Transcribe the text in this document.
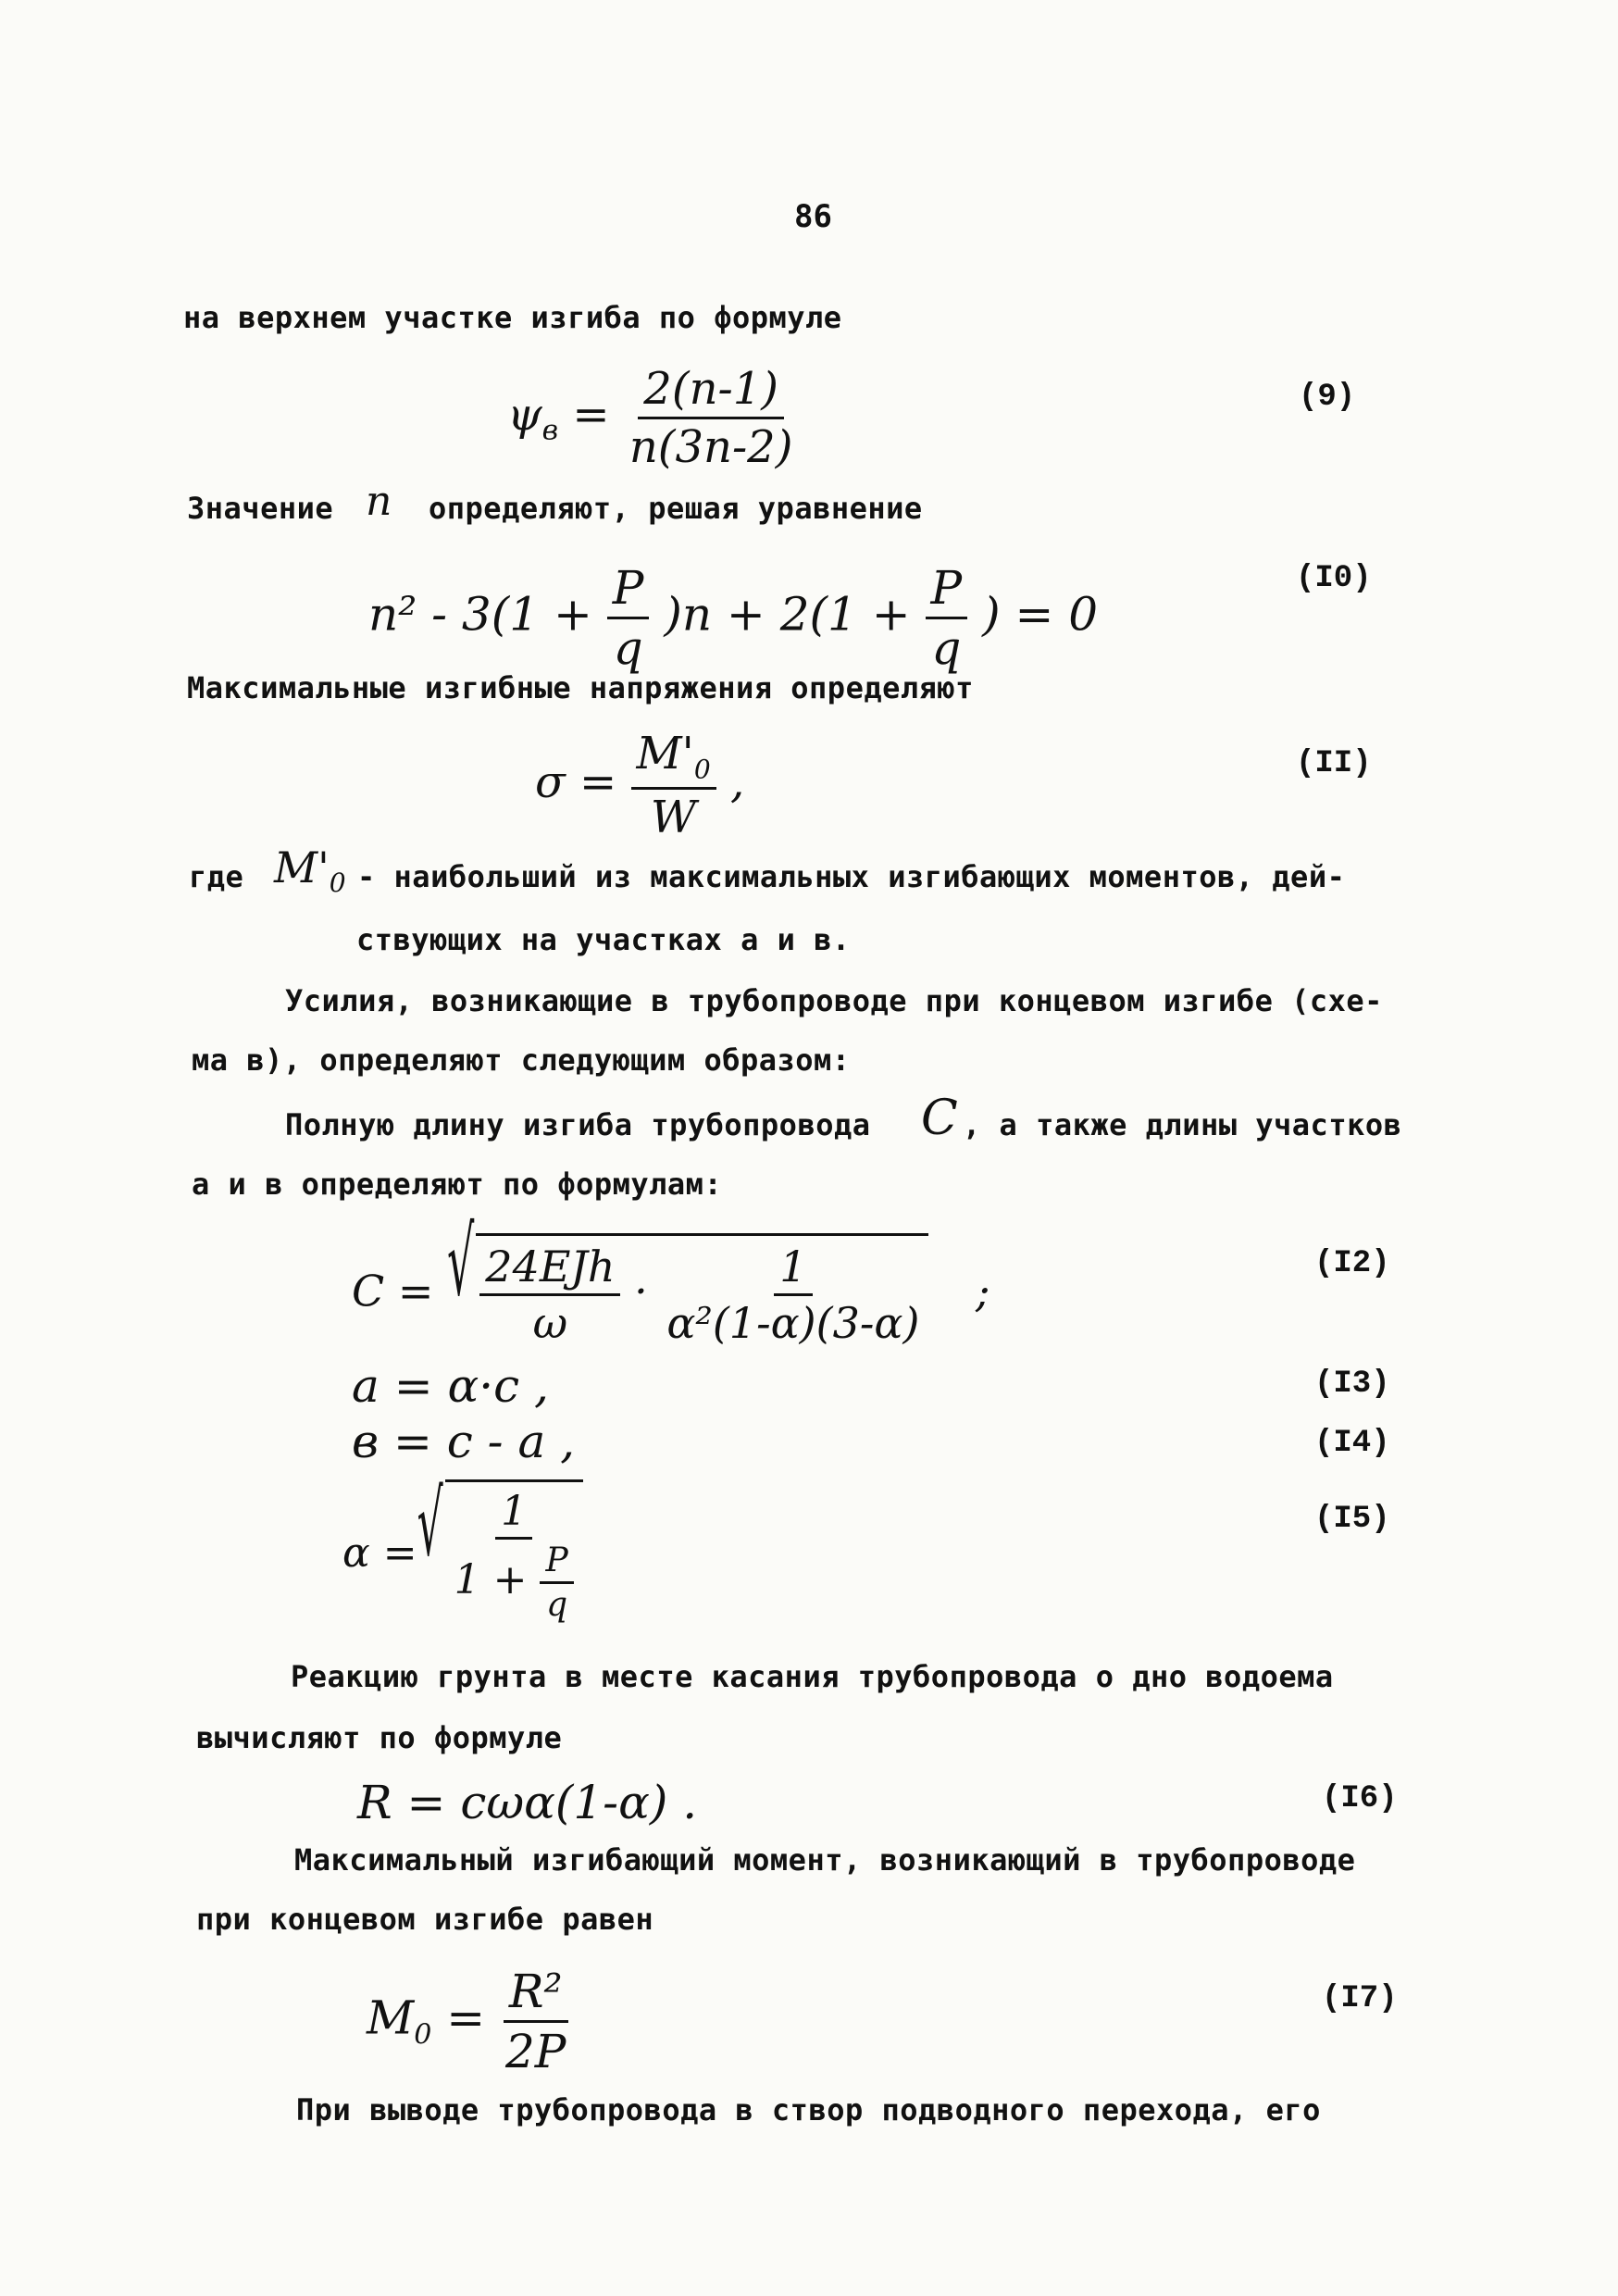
86
на верхнем участке изгиба по формуле
$\psi_в = \frac{2(n-1)}{n(3n-2)}$	(9)
Значение n определяют, решая уравнение
$n^2 - 3(1 + \frac{P}{q} )n + 2(1 + \frac{P}{q}$ ) = 0
(I0)
Максимальные изгибные напряжения определяют
$\sigma = \frac{M'_0}{W}$ ,	(II)
где $M'_0$ - наибольший из максимальных изгибающих моментов, дей-
ствующих на участках а и в.
Усилия, возникающие в трубопроводе при концевом изгибе (схе-
ма в), определяют следующим образом:
Полную длину изгиба трубопровода C , а также длины участков
а и в определяют по формулам:
C = √ $\frac{\text{24EJh}}{\omega} \cdot \frac{1}{\text{α²(1-α)(3-α)}}$ ;
(I2)
a = α·c ,	(I3)
в = c - a ,	(I4)
α =√ $\frac{1}{1 + \frac{P}{q}}$	(I5)
Реакцию грунта в месте касания трубопровода о дно водоема
вычисляют по формуле
R = cωα(1-α) .	(I6)
Максимальный изгибающий момент, возникающий в трубопроводе
при концевом изгибе равен
$M_0 = \frac{\text{R²}}{2P}$	(I7)
При выводе трубопровода в створ подводного перехода, его
